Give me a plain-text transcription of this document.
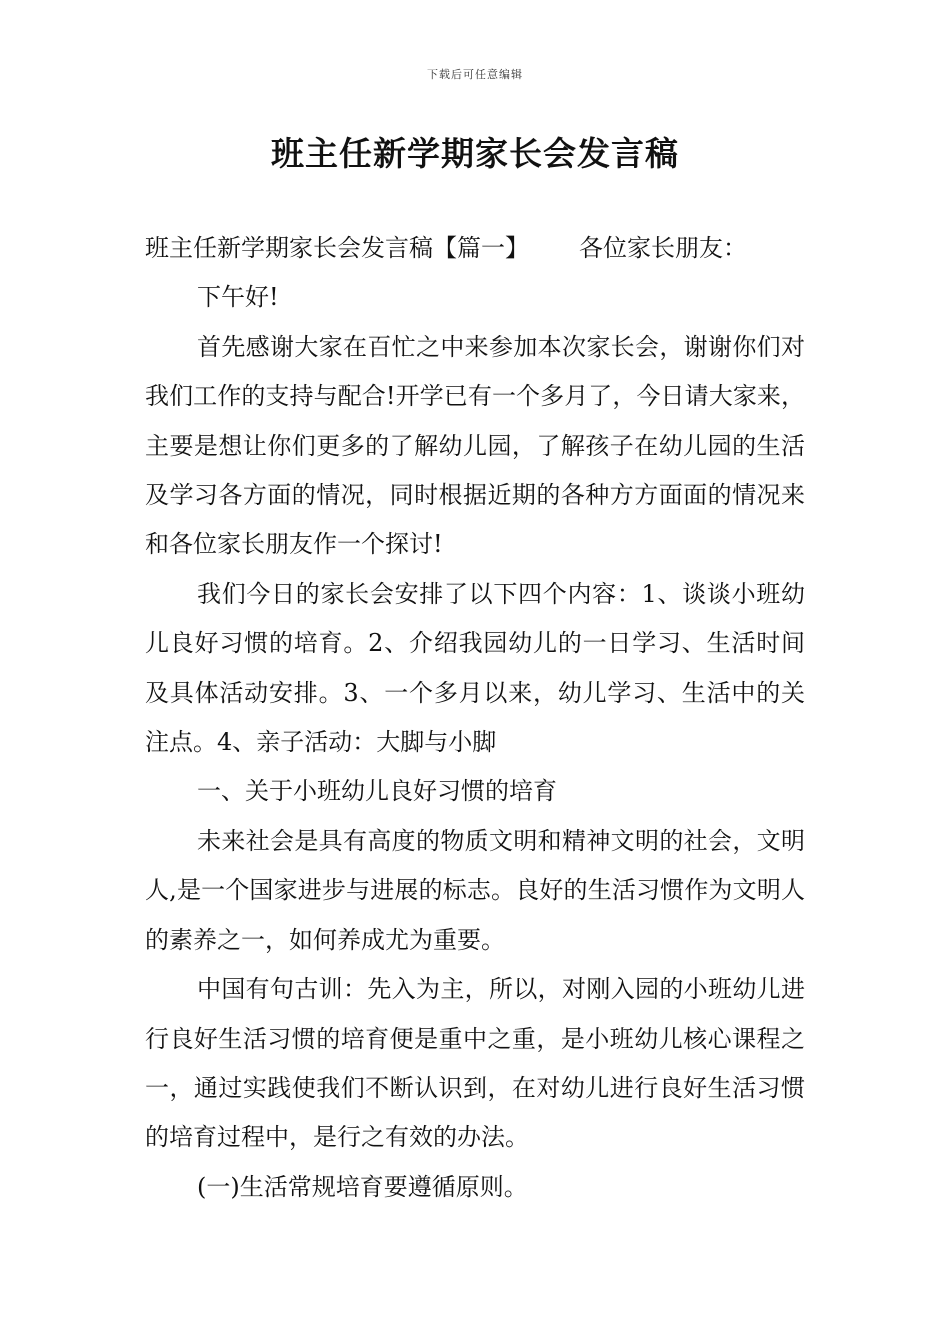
下载后可任意编辑
班主任新学期家长会发言稿

班主任新学期家长会发言稿【篇一】 各位家长朋友：

下午好!

首先感谢大家在百忙之中来参加本次家长会，谢谢你们对我们工作的支持与配合!开学已有一个多月了，今日请大家来，主要是想让你们更多的了解幼儿园，了解孩子在幼儿园的生活及学习各方面的情况，同时根据近期的各种方方面面的情况来和各位家长朋友作一个探讨!

我们今日的家长会安排了以下四个内容：1、谈谈小班幼儿良好习惯的培育。2、介绍我园幼儿的一日学习、生活时间及具体活动安排。3、一个多月以来，幼儿学习、生活中的关注点。4、亲子活动：大脚与小脚

一、关于小班幼儿良好习惯的培育

未来社会是具有高度的物质文明和精神文明的社会，文明人,是一个国家进步与进展的标志。良好的生活习惯作为文明人的素养之一，如何养成尤为重要。

中国有句古训：先入为主，所以，对刚入园的小班幼儿进行良好生活习惯的培育便是重中之重，是小班幼儿核心课程之一，通过实践使我们不断认识到，在对幼儿进行良好生活习惯的培育过程中，是行之有效的办法。

(一)生活常规培育要遵循原则。
